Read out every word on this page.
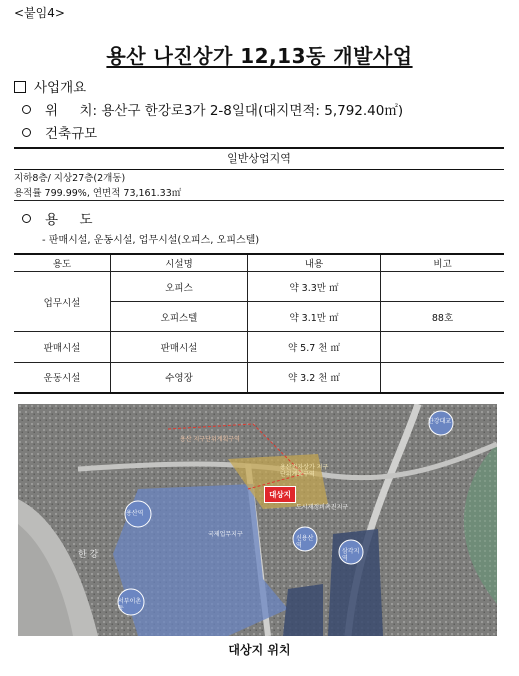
<붙임4>
용산 나진상가 12,13동 개발사업
사업개요
위     치: 용산구 한강로3가 2-8일대(대지면적: 5,792.40㎡)
건축규모
일반상업지역
지하8층/ 지상27층(2개동)
용적률 799.99%, 연면적 73,161.33㎡
용     도
- 판매시설, 운동시설, 업무시설(오피스, 오피스텔)
용도	시설명	내용	비고
업무시설	오피스	약 3.3만 ㎡	
	오피스텔	약 3.1만 ㎡	88호
판매시설	판매시설	약 5.7 천 ㎡	
운동시설	수영장	약 3.2 천 ㎡	
대상지
한 강
용산 지구단위계획구역
용산전자상가 지구단위계획구역
도시재정비촉진지구
국제업무지구
신용산역
삼각지역
서부이촌동
한강대교
용산역
대상지 위치
